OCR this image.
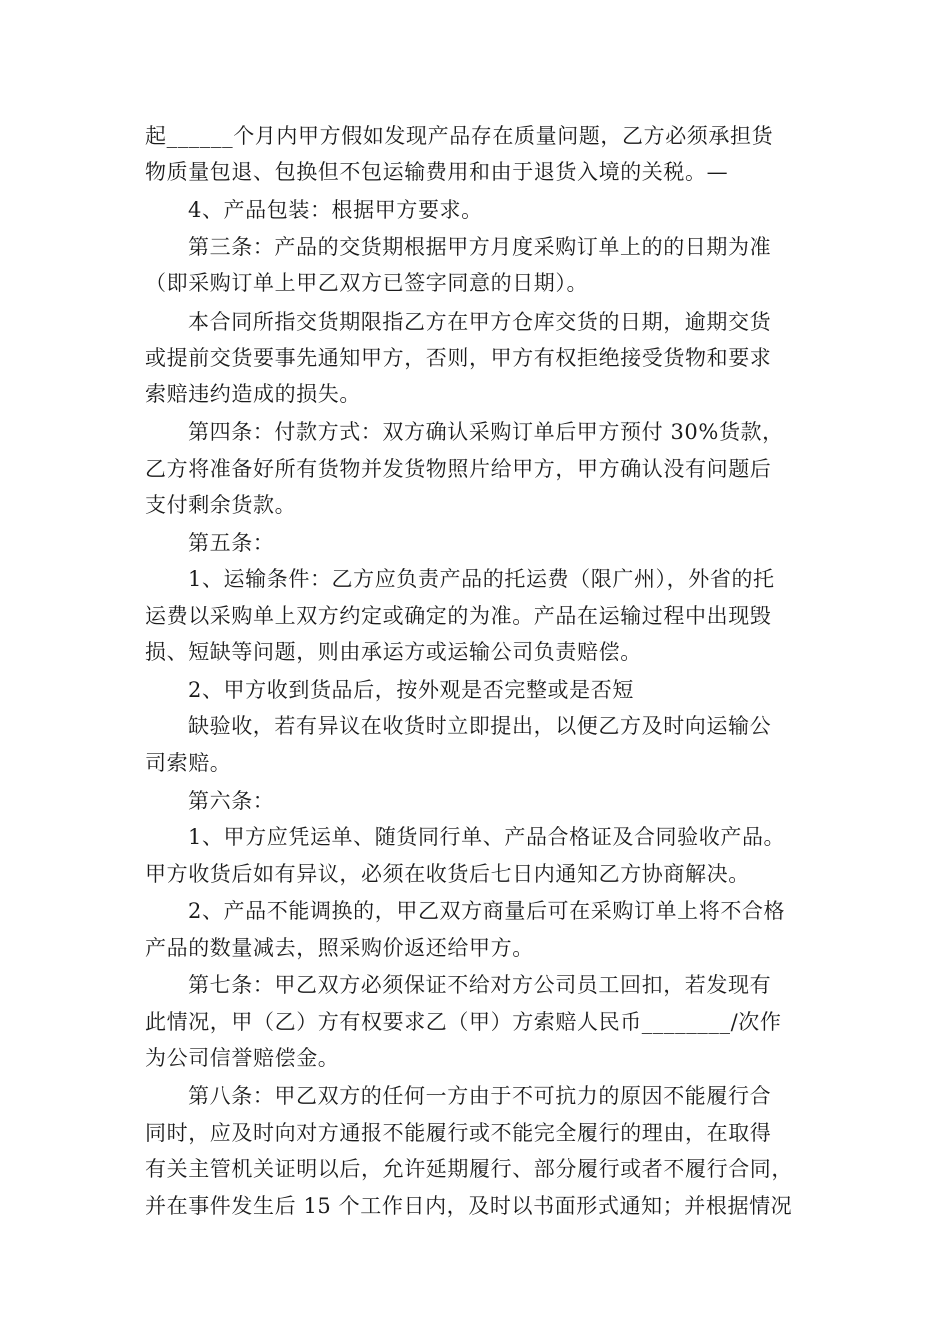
起______个月内甲方假如发现产品存在质量问题，乙方必须承担货
物质量包退、包换但不包运输费用和由于退货入境的关税。—
4、产品包装：根据甲方要求。
第三条：产品的交货期根据甲方月度采购订单上的的日期为准
（即采购订单上甲乙双方已签字同意的日期）。
本合同所指交货期限指乙方在甲方仓库交货的日期，逾期交货
或提前交货要事先通知甲方，否则，甲方有权拒绝接受货物和要求
索赔违约造成的损失。
第四条：付款方式：双方确认采购订单后甲方预付 30%货款，
乙方将准备好所有货物并发货物照片给甲方，甲方确认没有问题后
支付剩余货款。
第五条：
1、运输条件：乙方应负责产品的托运费（限广州），外省的托
运费以采购单上双方约定或确定的为准。产品在运输过程中出现毁
损、短缺等问题，则由承运方或运输公司负责赔偿。
2、甲方收到货品后，按外观是否完整或是否短
缺验收，若有异议在收货时立即提出，以便乙方及时向运输公
司索赔。
第六条：
1、甲方应凭运单、随货同行单、产品合格证及合同验收产品。
甲方收货后如有异议，必须在收货后七日内通知乙方协商解决。
2、产品不能调换的，甲乙双方商量后可在采购订单上将不合格
产品的数量减去，照采购价返还给甲方。
第七条：甲乙双方必须保证不给对方公司员工回扣，若发现有
此情况，甲（乙）方有权要求乙（甲）方索赔人民币________/次作
为公司信誉赔偿金。
第八条：甲乙双方的任何一方由于不可抗力的原因不能履行合
同时，应及时向对方通报不能履行或不能完全履行的理由，在取得
有关主管机关证明以后，允许延期履行、部分履行或者不履行合同，
并在事件发生后 15 个工作日内，及时以书面形式通知；并根据情况
